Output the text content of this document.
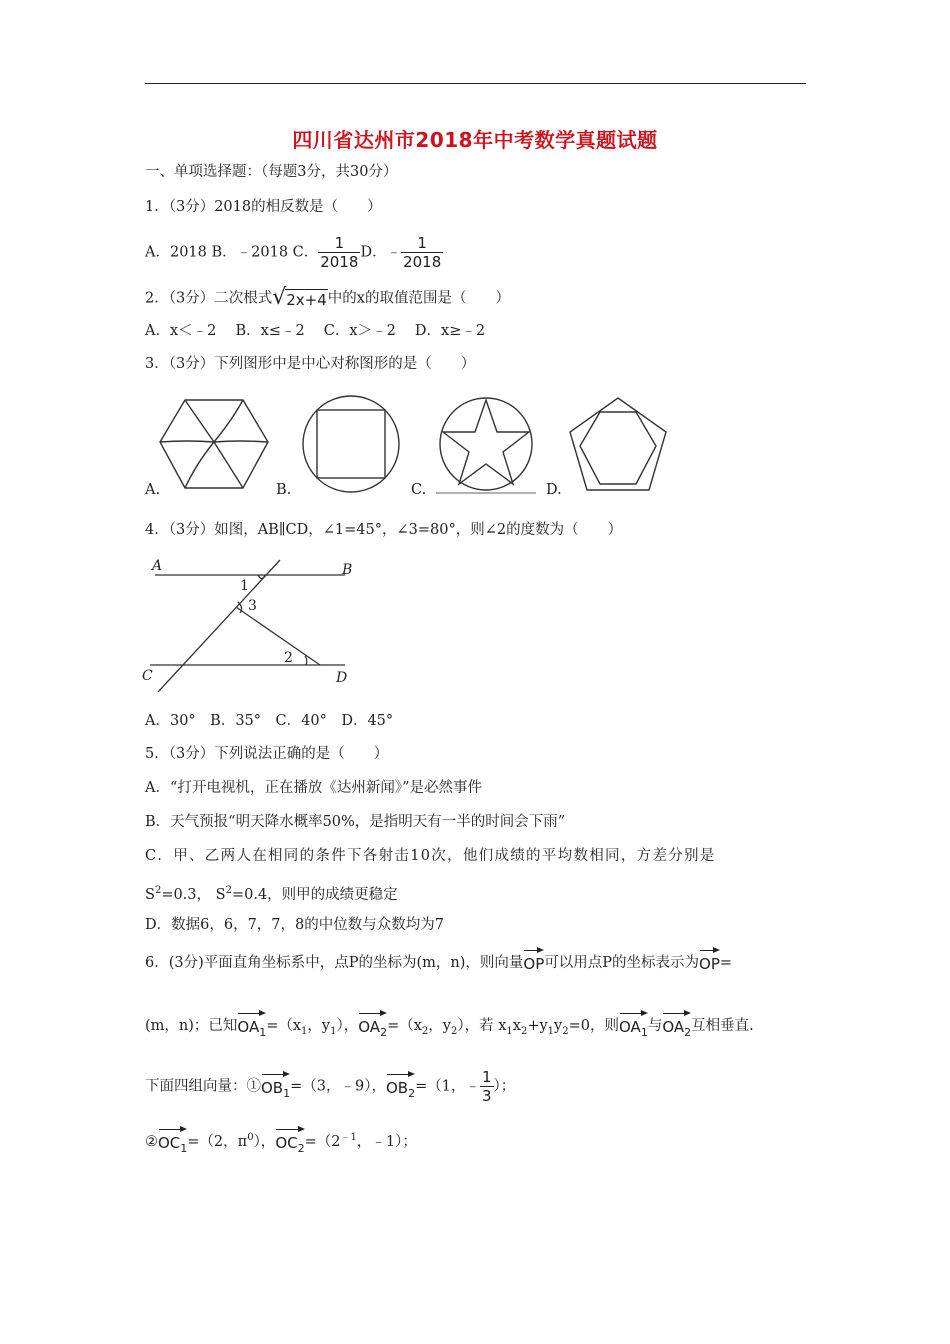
四川省达州市2018年中考数学真题试题
一、单项选择题：（每题3分，共30分）
1．（3分）2018的相反数是（　　）
A．2018 B．﹣2018 C． $\frac{1}{2018}$ D．﹣ $\frac{1}{2018}$
2．（3分）二次根式 √ 2x+4 中的x的取值范围是（　　）
A．x＜﹣2　 B．x≤﹣2　 C．x＞﹣2　 D．x≥﹣2
3．（3分）下列图形中是中心对称图形的是（　　）
A.	B.	C.	D.
4．（3分）如图，AB∥CD，∠1=45°，∠3=80°，则∠2的度数为（　　）
A	B
C	D
1
3
2
A．30°　B．35°　C．40°　D．45°
5．（3分）下列说法正确的是（　　）
A．“打开电视机，正在播放《达州新闻》”是必然事件
B．天气预报“明天降水概率50%，是指明天有一半的时间会下雨”
C．甲、乙两人在相同的条件下各射击10次，他们成绩的平均数相同，方差分别是
$S^2=0.3$， $S^2=0.4$，则甲的成绩更稳定
D．数据6，6，7，7，8的中位数与众数均为7
6．(3分)平面直角坐标系中，点P的坐标为(m，n)，则向量OP可以用点P的坐标表示为OP=
(m，n)；已知$OA_1=(x_1$，$y_1$），$OA_2=(x_2$，$y_2$），若 $x_1x_2+y_1y_2=0$，则$OA_1$与$OA_2$互相垂直.
下面四组向量：$①OB_1=(3$，﹣9），$OB_2=(1$，﹣ $\frac{1}{3}$ ）；
$②OC_1=(2$，$\pi^0$），$OC_2=(2^{﹣1}$，﹣1）；
